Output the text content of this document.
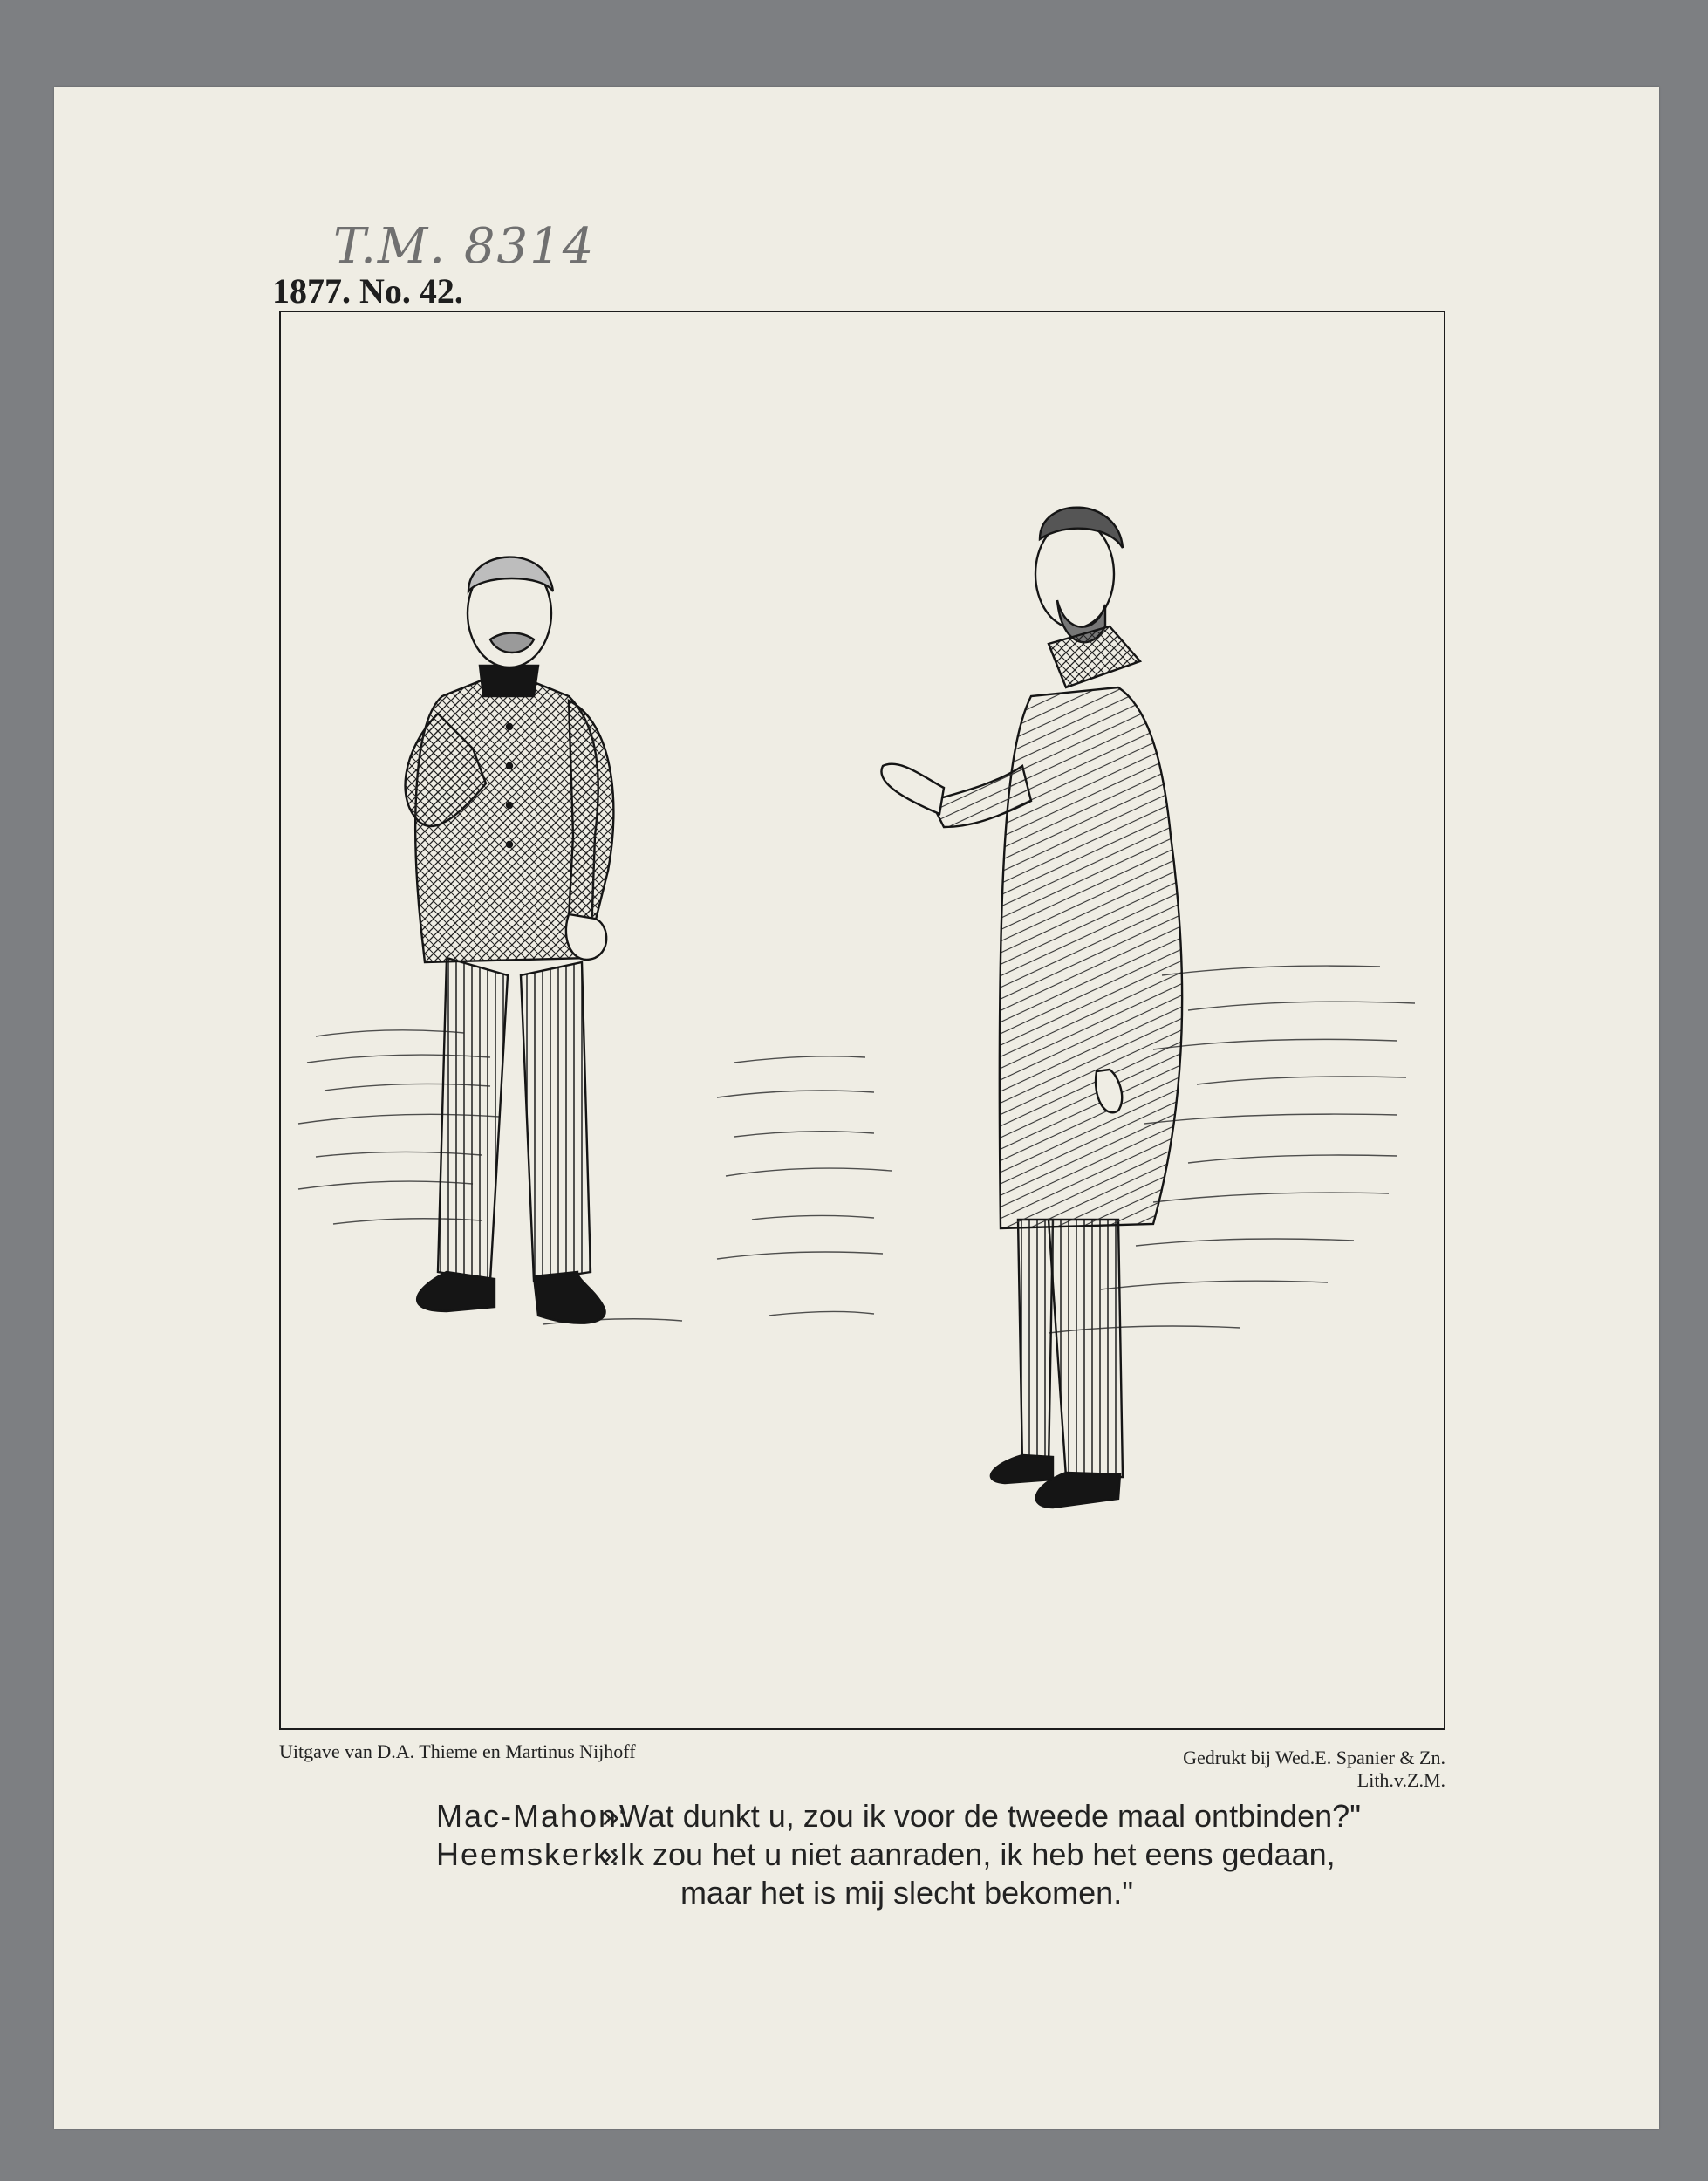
T.M. 8314
1877. No. 42.
Uitgave van D.A. Thieme en Martinus Nijhoff	Gedrukt bij Wed.E. Spanier & Zn. Lith.v.Z.M.
Mac-Mahon:
»Wat dunkt u, zou ik voor de tweede maal ontbinden?"
Heemskerk:
»Ik zou het u niet aanraden, ik heb het eens gedaan,
maar het is mij slecht bekomen."
